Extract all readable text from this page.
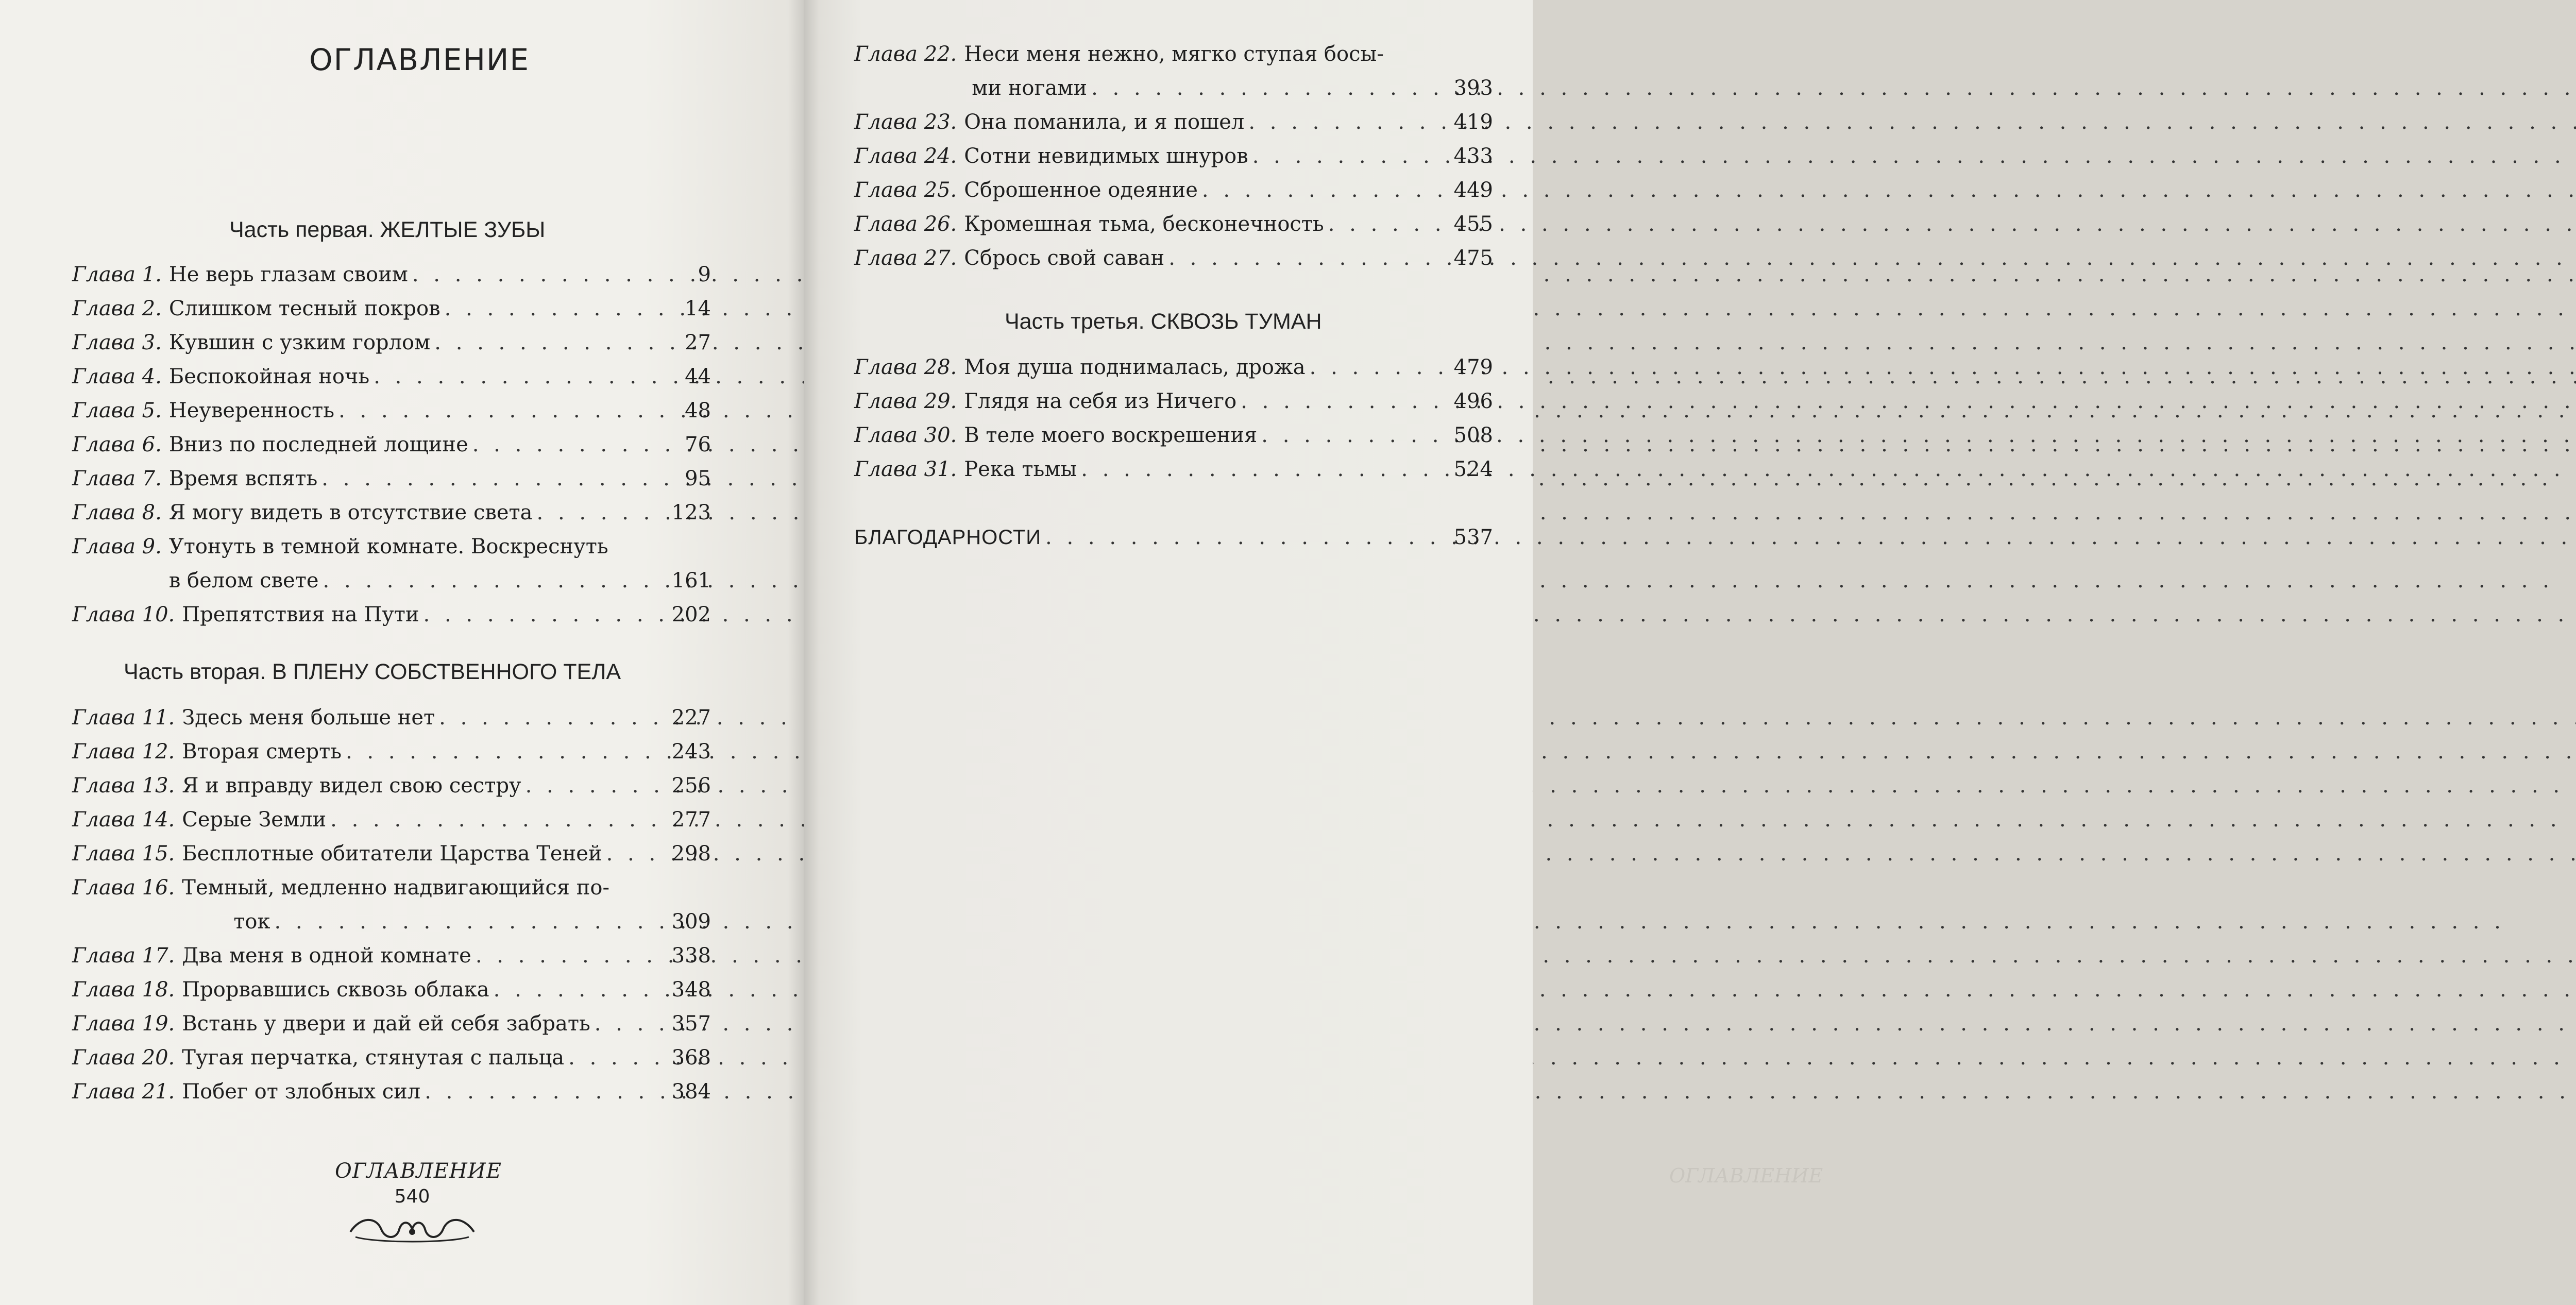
ОГЛАВЛЕНИЕ
Часть первая. ЖЕЛТЫЕ ЗУБЫ
Глава 1. Не верь глазам своим . . .	9
Глава 2. Слишком тесный покров . . .	14
Глава 3. Кувшин с узким горлом . . .	27
Глава 4. Беспокойная ночь . . .	44
Глава 5. Неуверенность . . .	48
Глава 6. Вниз по последней лощине . . .	76
Глава 7. Время вспять . . .	95
Глава 8. Я могу видеть в отсутствие света . . .	123
Глава 9. Утонуть в темной комнате. Воскреснуть
в белом свете . . .	161
Глава 10. Препятствия на Пути . . .	202
Часть вторая. В ПЛЕНУ СОБСТВЕННОГО ТЕЛА
Глава 11. Здесь меня больше нет . . .	227
Глава 12. Вторая смерть . . .	243
Глава 13. Я и вправду видел свою сестру . . .	256
Глава 14. Серые Земли . . .	277
Глава 15. Бесплотные обитатели Царства Теней . . .	298
Глава 16. Темный, медленно надвигающийся по-
ток . . .	309
Глава 17. Два меня в одной комнате . . .	338
Глава 18. Прорвавшись сквозь облака . . .	348
Глава 19. Встань у двери и дай ей себя забрать . . .	357
Глава 20. Тугая перчатка, стянутая с пальца . . .	368
Глава 21. Побег от злобных сил . . .	384
ОГЛАВЛЕНИЕ
540
ОГЛАВЛЕНИЕ
Глава 22. Неси меня нежно, мягко ступая босы-
ми ногами . . .	393
Глава 23. Она поманила, и я пошел . . .	419
Глава 24. Сотни невидимых шнуров . . .	433
Глава 25. Сброшенное одеяние . . .	449
Глава 26. Кромешная тьма, бесконечность . . .	455
Глава 27. Сбрось свой саван . . .	475
Часть третья. СКВОЗЬ ТУМАН
Глава 28. Моя душа поднималась, дрожа . . .	479
Глава 29. Глядя на себя из Ничего . . .	496
Глава 30. В теле моего воскрешения . . .	508
Глава 31. Река тьмы . . .	524
БЛАГОДАРНОСТИ . . .	537
